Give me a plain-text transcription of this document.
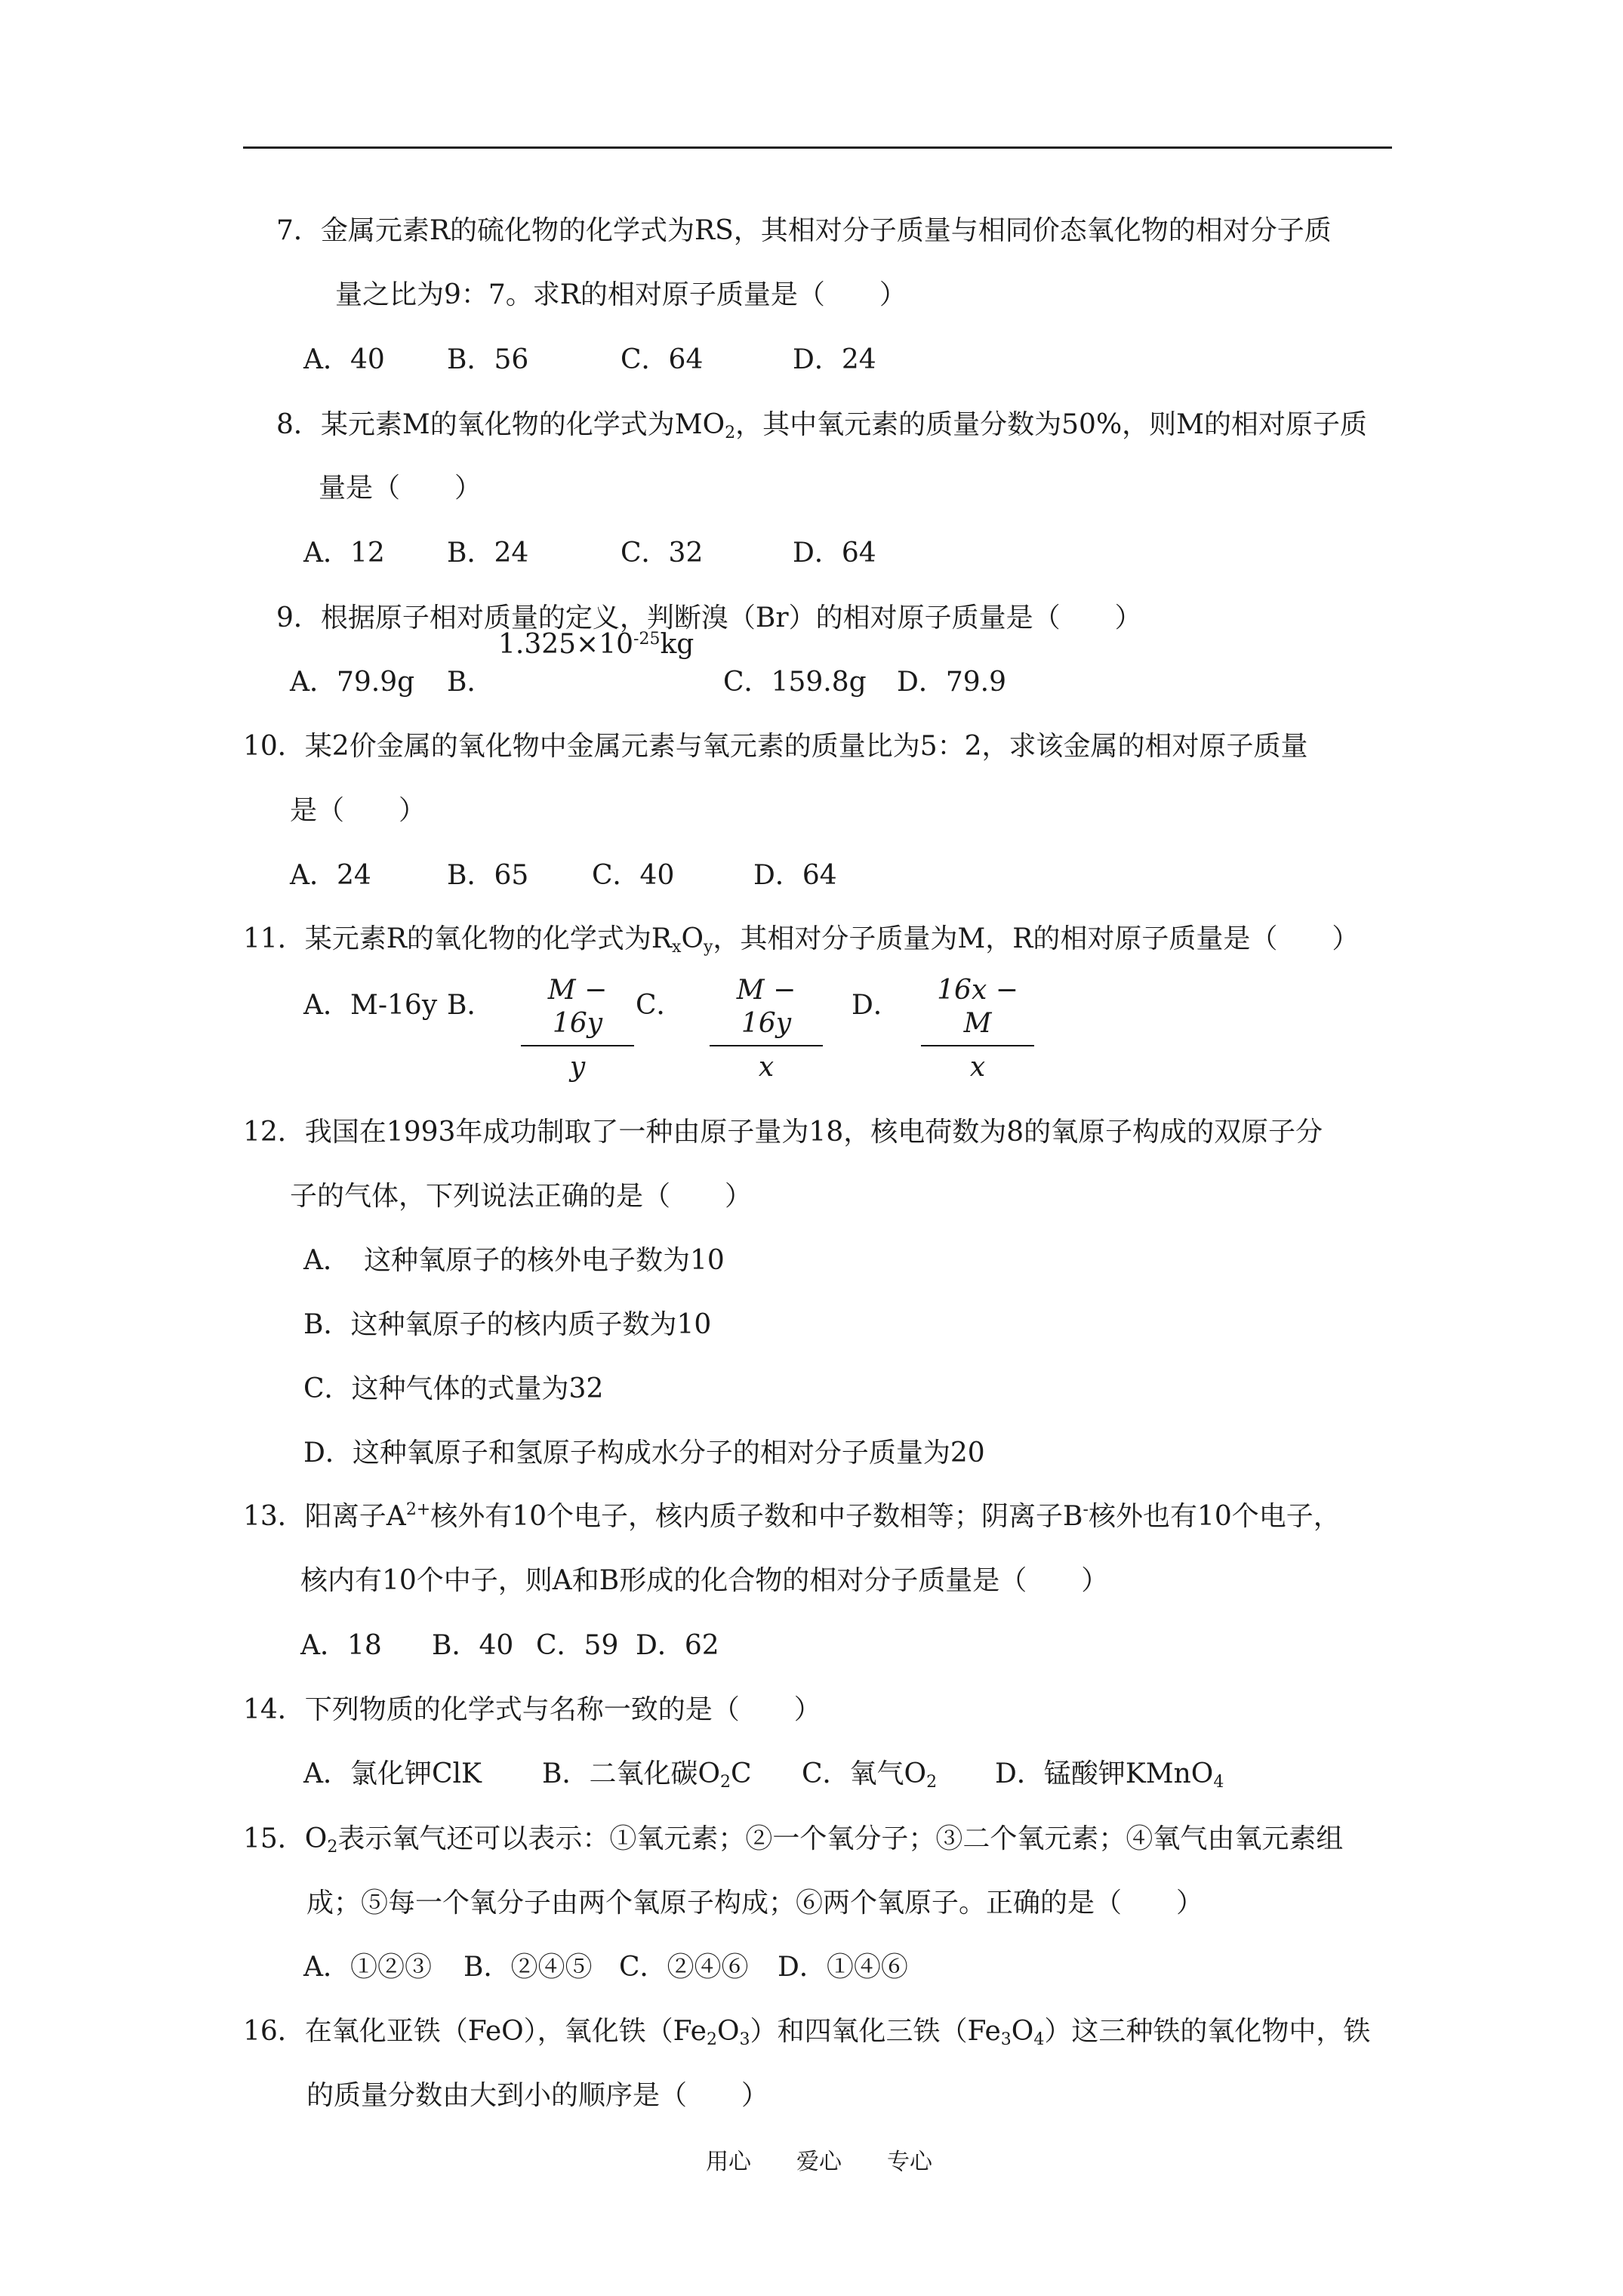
7．金属元素R的硫化物的化学式为RS，其相对分子质量与相同价态氧化物的相对分子质
量之比为9：7。求R的相对原子质量是（　　）
A．40 B．56	C．64	D．24
8．某元素M的氧化物的化学式为$MO_2$，其中氧元素的质量分数为50%，则M的相对原子质
量是（　　）
A．12 B．24	C．32	D．64
9．根据原子相对质量的定义，判断溴（Br）的相对原子质量是（　　）
$1.325\times 10^{-25}kg$
A．79.9g B．	C．159.8g D．79.9
10．某2价金属的氧化物中金属元素与氧元素的质量比为5：2，求该金属的相对原子质量
是（　　）
A．24	B．65 C．40	D．64
11．某元素R的氧化物的化学式为$R_xO_y$，其相对分子质量为M，R的相对原子质量是（　　）
A．M-16y B．	M − 16y
y
C．	M − 16y
x
D．	16x − M
x
12．我国在1993年成功制取了一种由原子量为18，核电荷数为8的氧原子构成的双原子分
子的气体，下列说法正确的是（　　）
A．　这种氧原子的核外电子数为10
B．这种氧原子的核内质子数为10
C．这种气体的式量为32
D．这种氧原子和氢原子构成水分子的相对分子质量为20
13．阳离子$A^{2+}$核外有10个电子，核内质子数和中子数相等；阴离子B-核外也有10个电子，
核内有10个中子，则A和B形成的化合物的相对分子质量是（　　）
A．18 B．40 C．59 D．62
14．下列物质的化学式与名称一致的是（　　）
A．氯化钾ClK B．二氧化碳$O_2C$ C．氧气$O_2$ D．锰酸钾KMnO$_4$
15．$O_2$表示氧气还可以表示：①氧元素；②一个氧分子；③二个氧元素；④氧气由氧元素组
成；⑤每一个氧分子由两个氧原子构成；⑥两个氧原子。正确的是（　　）
A．①②③ B．②④⑤ C．②④⑥ D．①④⑥
16．在氧化亚铁（FeO），氧化铁$(Fe_2O_3)$和四氧化三铁$(Fe_3O_4)$这三种铁的氧化物中，铁
的质量分数由大到小的顺序是（　　）
用心　　爱心　　专心
